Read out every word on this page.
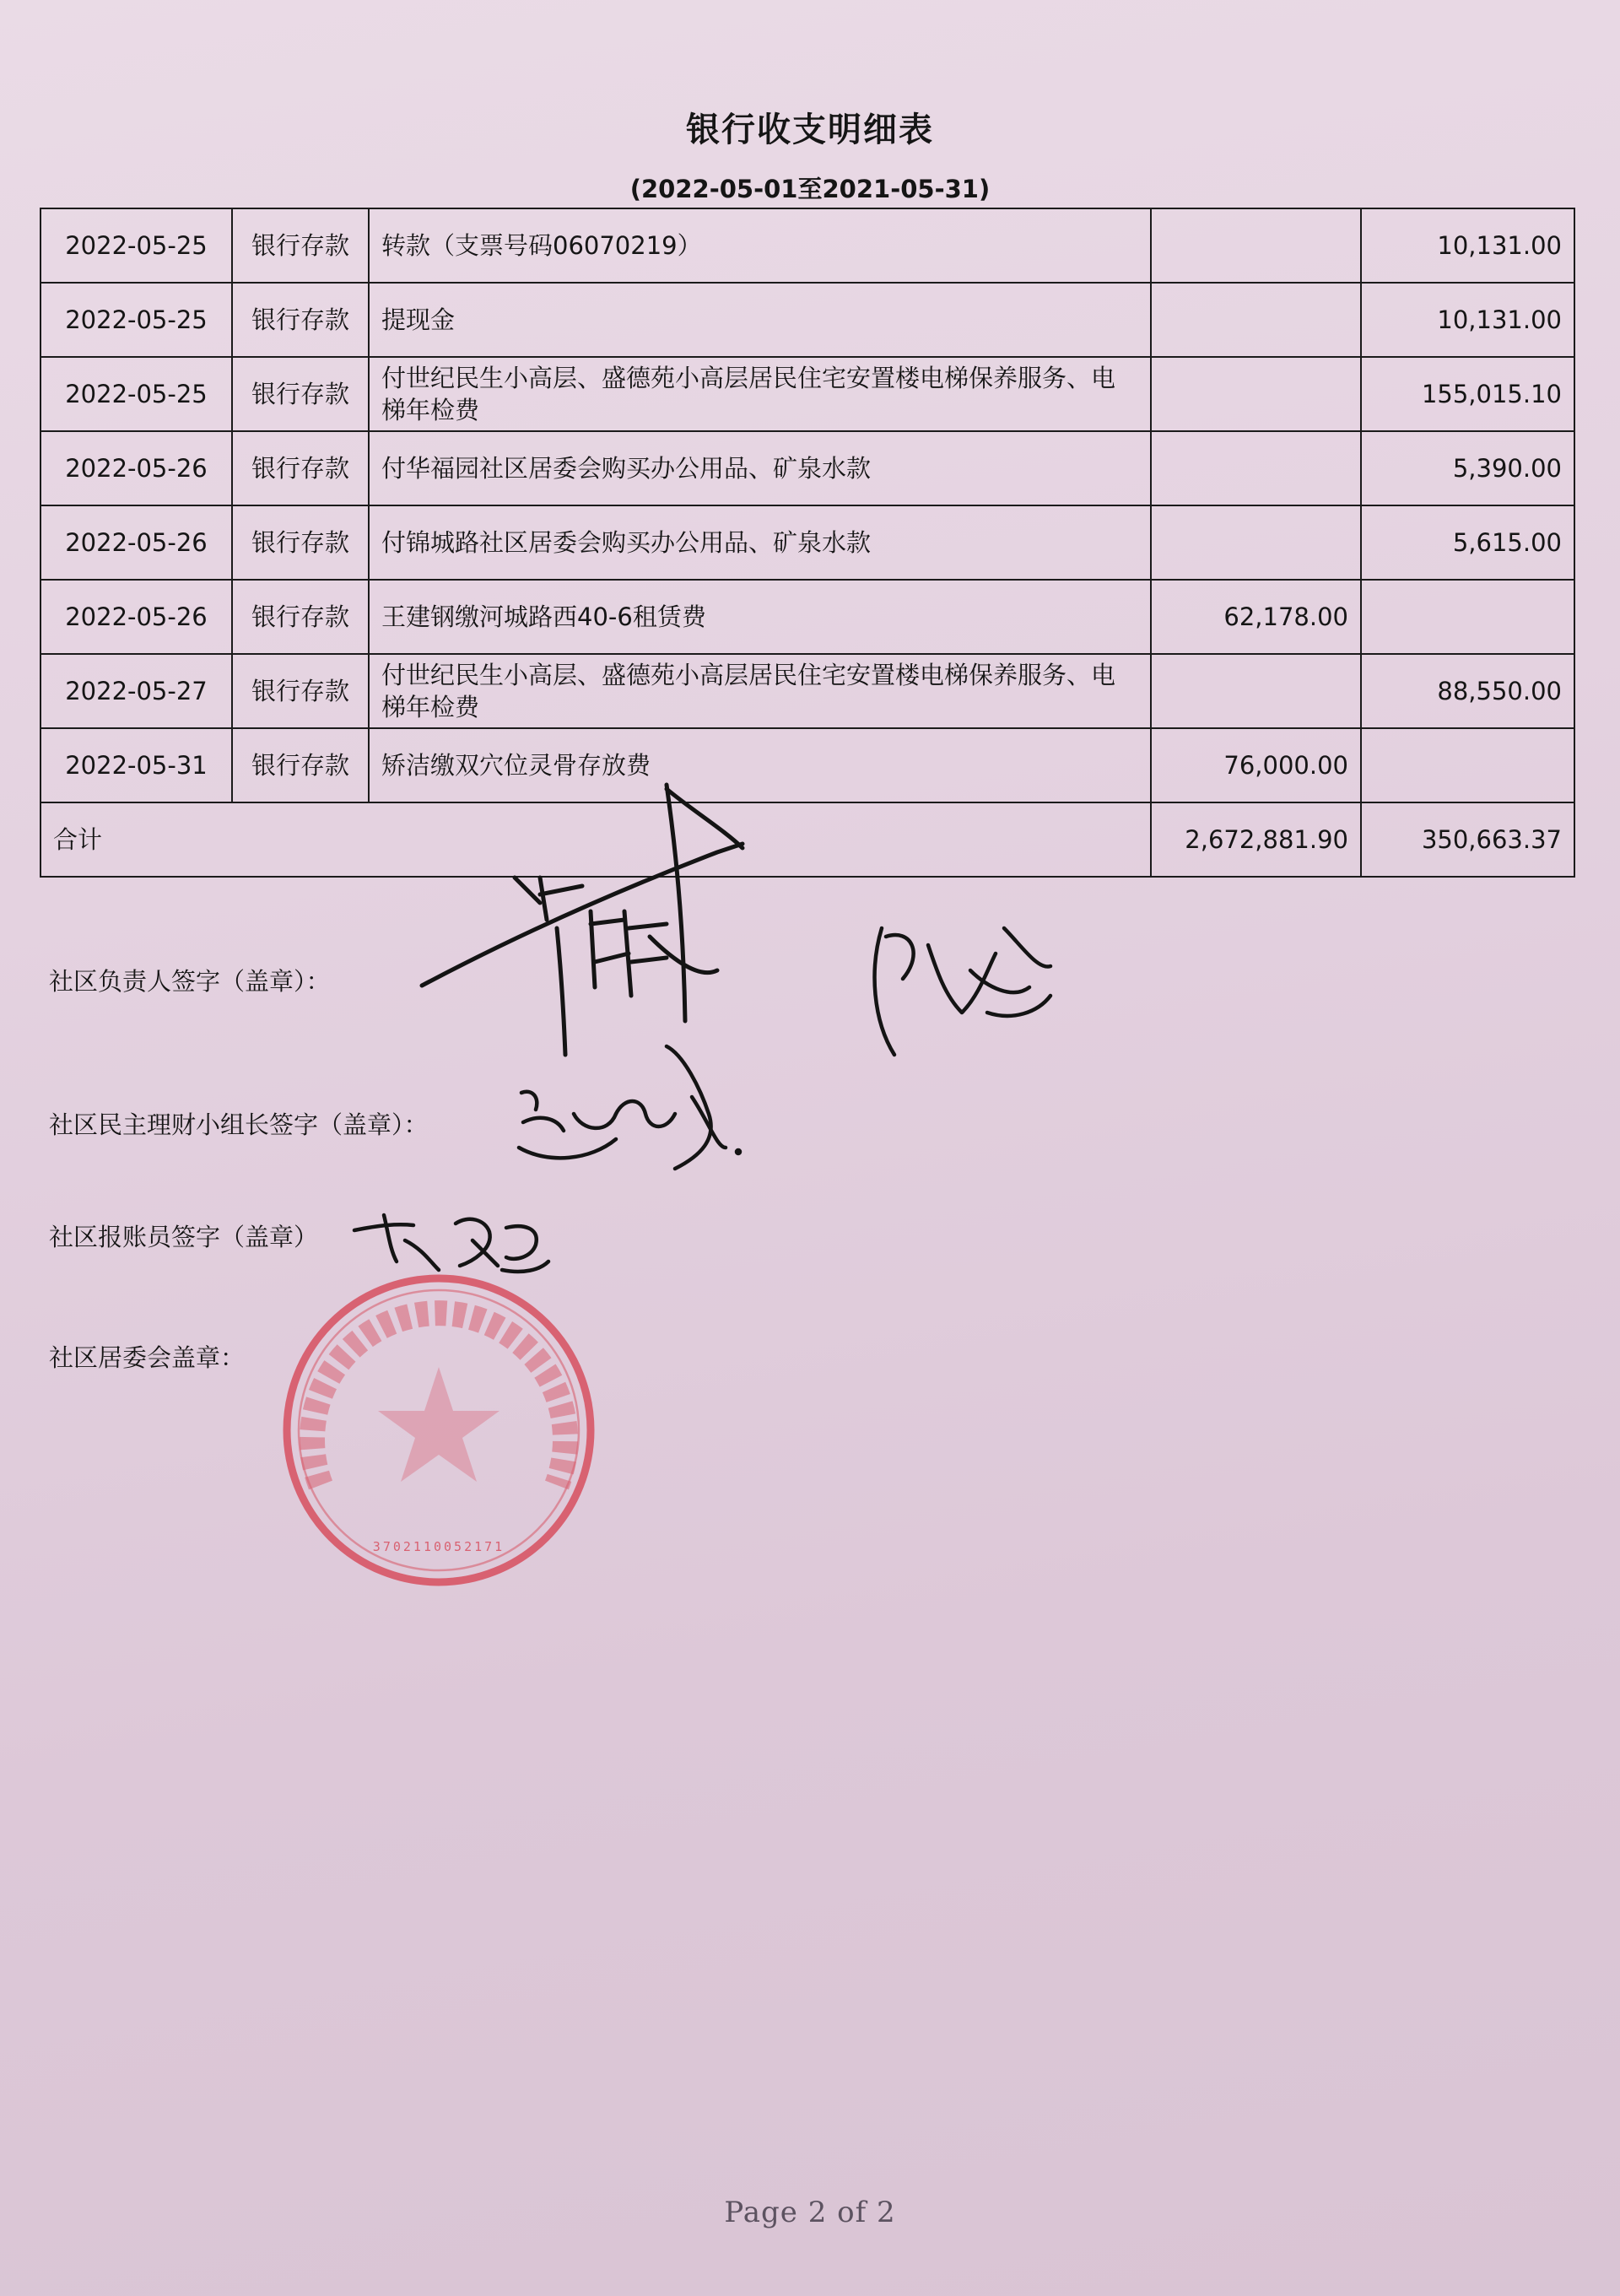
银行收支明细表
(2022-05-01至2021-05-31)
2022-05-25	银行存款	转款（支票号码06070219）		10,131.00
2022-05-25	银行存款	提现金		10,131.00
2022-05-25	银行存款	付世纪民生小高层、盛德苑小高层居民住宅安置楼电梯保养服务、电梯年检费		155,015.10
2022-05-26	银行存款	付华福园社区居委会购买办公用品、矿泉水款		5,390.00
2022-05-26	银行存款	付锦城路社区居委会购买办公用品、矿泉水款		5,615.00
2022-05-26	银行存款	王建钢缴河城路西40-6租赁费	62,178.00	
2022-05-27	银行存款	付世纪民生小高层、盛德苑小高层居民住宅安置楼电梯保养服务、电梯年检费		88,550.00
2022-05-31	银行存款	矫洁缴双穴位灵骨存放费	76,000.00	
合计			2,672,881.90	350,663.37
社区负责人签字（盖章）：
社区民主理财小组长签字（盖章）：
社区报账员签字（盖章）
社区居委会盖章：
3702110052171
Page 2 of 2
